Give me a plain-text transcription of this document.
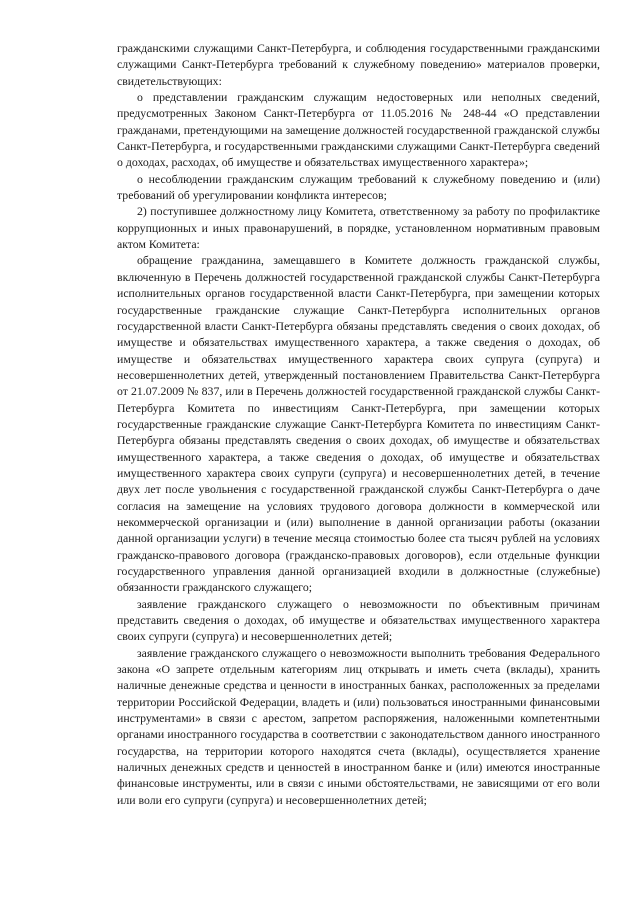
гражданскими служащими Санкт-Петербурга, и соблюдения государственными гражданскими служащими Санкт-Петербурга требований к служебному поведению» материалов проверки, свидетельствующих:

о представлении гражданским служащим недостоверных или неполных сведений, предусмотренных Законом Санкт-Петербурга от 11.05.2016 № 248-44 «О представлении гражданами, претендующими на замещение должностей государственной гражданской службы Санкт-Петербурга, и государственными гражданскими служащими Санкт-Петербурга сведений о доходах, расходах, об имуществе и обязательствах имущественного характера»;

о несоблюдении гражданским служащим требований к служебному поведению и (или) требований об урегулировании конфликта интересов;

2) поступившее должностному лицу Комитета, ответственному за работу по профилактике коррупционных и иных правонарушений, в порядке, установленном нормативным правовым актом Комитета:

обращение гражданина, замещавшего в Комитете должность гражданской службы, включенную в Перечень должностей государственной гражданской службы Санкт-Петербурга исполнительных органов государственной власти Санкт-Петербурга, при замещении которых государственные гражданские служащие Санкт-Петербурга исполнительных органов государственной власти Санкт-Петербурга обязаны представлять сведения о своих доходах, об имуществе и обязательствах имущественного характера, а также сведения о доходах, об имуществе и обязательствах имущественного характера своих супруга (супруга) и несовершеннолетних детей, утвержденный постановлением Правительства Санкт-Петербурга от 21.07.2009 № 837, или в Перечень должностей государственной гражданской службы Санкт-Петербурга Комитета по инвестициям Санкт-Петербурга, при замещении которых государственные гражданские служащие Санкт-Петербурга Комитета по инвестициям Санкт-Петербурга обязаны представлять сведения о своих доходах, об имуществе и обязательствах имущественного характера, а также сведения о доходах, об имуществе и обязательствах имущественного характера своих супруги (супруга) и несовершеннолетних детей, в течение двух лет после увольнения с государственной гражданской службы Санкт-Петербурга о даче согласия на замещение на условиях трудового договора должности в коммерческой или некоммерческой организации и (или) выполнение в данной организации работы (оказании данной организации услуги) в течение месяца стоимостью более ста тысяч рублей на условиях гражданско-правового договора (гражданско-правовых договоров), если отдельные функции государственного управления данной организацией входили в должностные (служебные) обязанности гражданского служащего;

заявление гражданского служащего о невозможности по объективным причинам представить сведения о доходах, об имуществе и обязательствах имущественного характера своих супруги (супруга) и несовершеннолетних детей;

заявление гражданского служащего о невозможности выполнить требования Федерального закона «О запрете отдельным категориям лиц открывать и иметь счета (вклады), хранить наличные денежные средства и ценности в иностранных банках, расположенных за пределами территории Российской Федерации, владеть и (или) пользоваться иностранными финансовыми инструментами» в связи с арестом, запретом распоряжения, наложенными компетентными органами иностранного государства в соответствии с законодательством данного иностранного государства, на территории которого находятся счета (вклады), осуществляется хранение наличных денежных средств и ценностей в иностранном банке и (или) имеются иностранные финансовые инструменты, или в связи с иными обстоятельствами, не зависящими от его воли или воли его супруги (супруга) и несовершеннолетних детей;
